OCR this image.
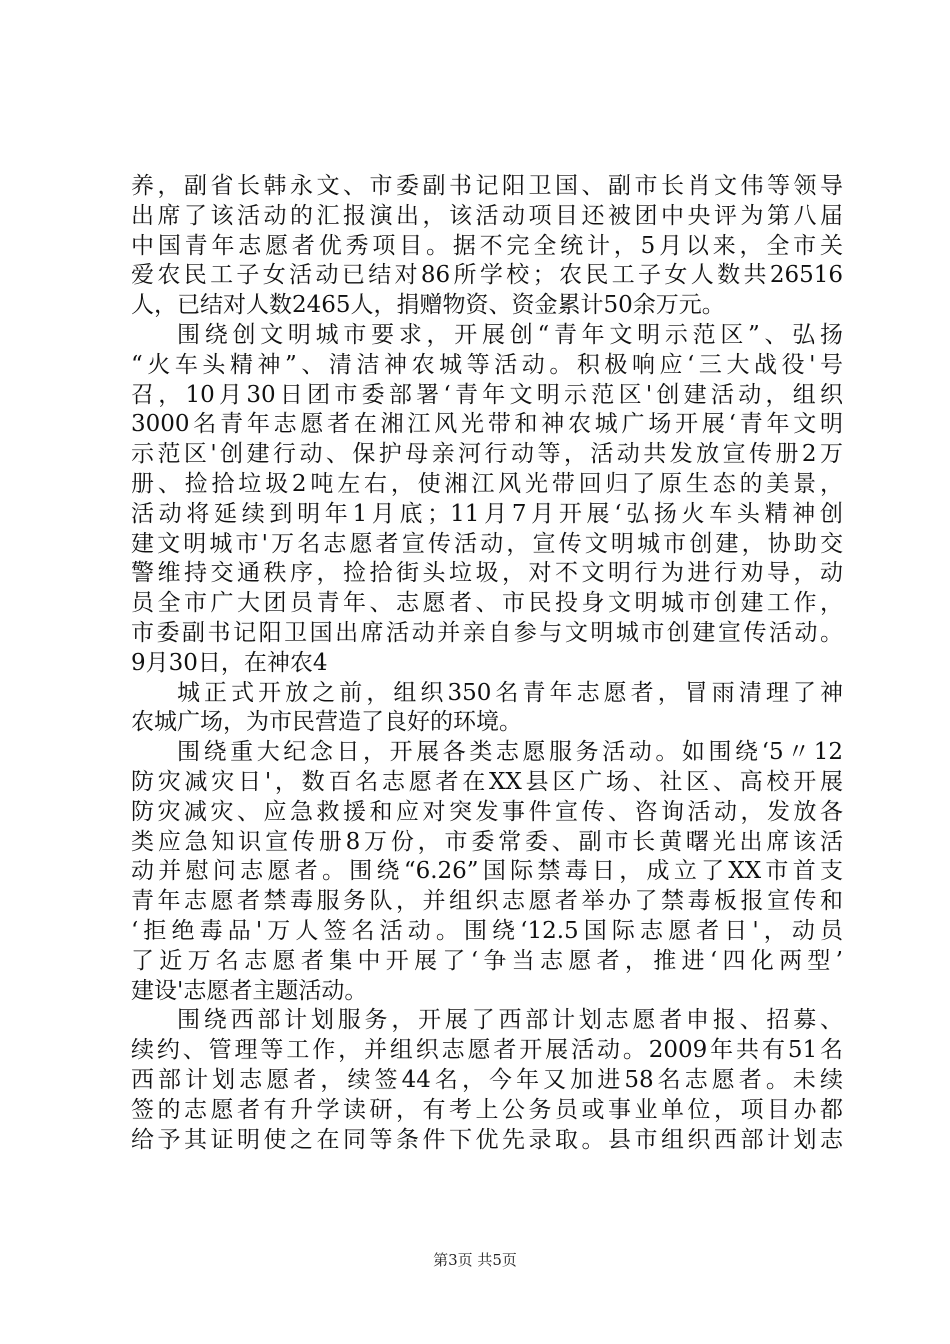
养，副省长韩永文、市委副书记阳卫国、副市长肖文伟等领导
出席了该活动的汇报演出，该活动项目还被团中央评为第八届
中国青年志愿者优秀项目。据不完全统计，5月以来，全市关
爱农民工子女活动已结对86所学校；农民工子女人数共26516
人，已结对人数2465人，捐赠物资、资金累计50余万元。
围绕创文明城市要求，开展创“青年文明示范区”、弘扬
“火车头精神”、清洁神农城等活动。积极响应‘三大战役'号
召，10月30日团市委部署‘青年文明示范区'创建活动，组织
3000名青年志愿者在湘江风光带和神农城广场开展‘青年文明
示范区'创建行动、保护母亲河行动等，活动共发放宣传册2万
册、捡拾垃圾2吨左右，使湘江风光带回归了原生态的美景，
活动将延续到明年1月底；11月7月开展‘弘扬火车头精神创
建文明城市'万名志愿者宣传活动，宣传文明城市创建，协助交
警维持交通秩序，捡拾街头垃圾，对不文明行为进行劝导，动
员全市广大团员青年、志愿者、市民投身文明城市创建工作，
市委副书记阳卫国出席活动并亲自参与文明城市创建宣传活动。
9月30日，在神农4
城正式开放之前，组织350名青年志愿者，冒雨清理了神
农城广场，为市民营造了良好的环境。
围绕重大纪念日，开展各类志愿服务活动。如围绕‘5〃12
防灾减灾日'，数百名志愿者在XX县区广场、社区、高校开展
防灾减灾、应急救援和应对突发事件宣传、咨询活动，发放各
类应急知识宣传册8万份，市委常委、副市长黄曙光出席该活
动并慰问志愿者。围绕“6.26”国际禁毒日，成立了XX市首支
青年志愿者禁毒服务队，并组织志愿者举办了禁毒板报宣传和
‘拒绝毒品'万人签名活动。围绕‘12.5国际志愿者日'，动员
了近万名志愿者集中开展了‘争当志愿者，推进‘四化两型’
建设'志愿者主题活动。
围绕西部计划服务，开展了西部计划志愿者申报、招募、
续约、管理等工作，并组织志愿者开展活动。2009年共有51名
西部计划志愿者，续签44名，今年又加进58名志愿者。未续
签的志愿者有升学读研，有考上公务员或事业单位，项目办都
给予其证明使之在同等条件下优先录取。县市组织西部计划志
第3页 共5页
